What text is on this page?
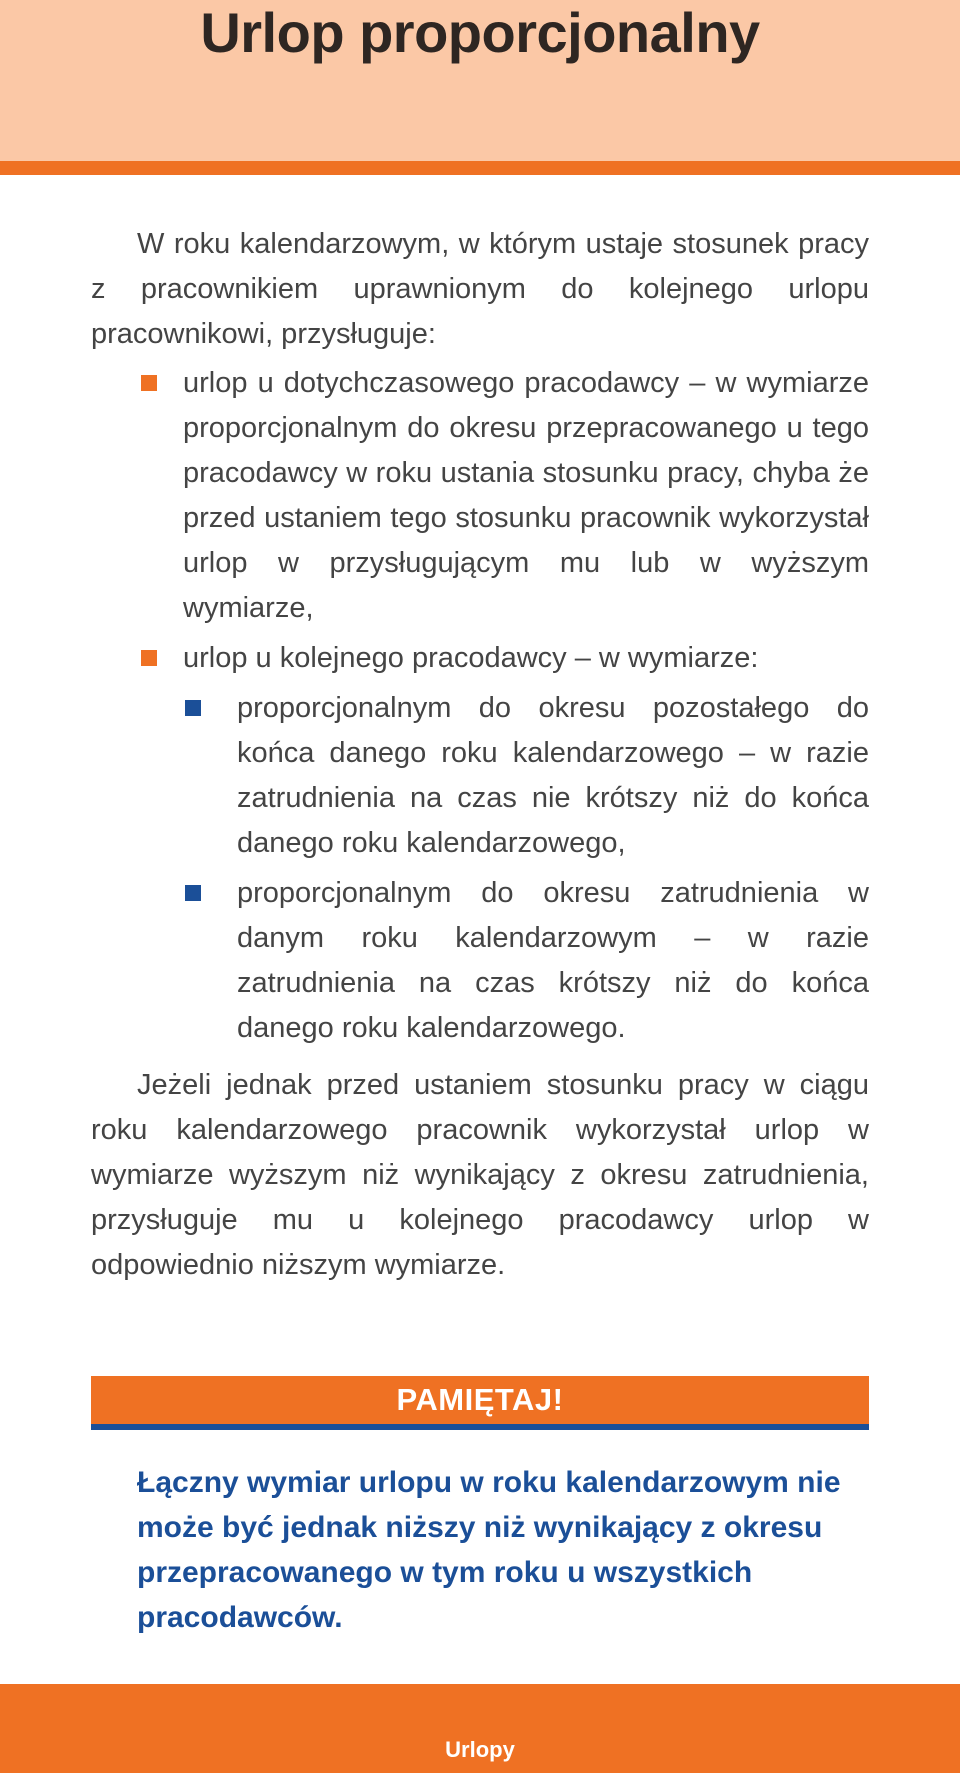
Urlop proporcjonalny

W roku kalendarzowym, w którym ustaje stosunek pracy z pracownikiem uprawnionym do kolejnego urlopu pracownikowi, przysługuje:

urlop u dotychczasowego pracodawcy – w wymiarze proporcjonalnym do okresu przepracowanego u tego pracodawcy w roku ustania stosunku pracy, chyba że przed ustaniem tego stosunku pracownik wykorzystał urlop w przysługującym mu lub w wyższym wymiarze,
urlop u kolejnego pracodawcy – w wymiarze:
proporcjonalnym do okresu pozostałego do końca danego roku kalendarzowego – w razie zatrudnienia na czas nie krótszy niż do końca danego roku kalendarzowego,
proporcjonalnym do okresu zatrudnienia w danym roku kalendarzowym – w razie zatrudnienia na czas krótszy niż do końca danego roku kalendarzowego.

Jeżeli jednak przed ustaniem stosunku pracy w ciągu roku kalendarzowego pracownik wykorzystał urlop w wymiarze wyższym niż wynikający z okresu zatrudnienia, przysługuje mu u kolejnego pracodawcy urlop w odpowiednio niższym wymiarze.

PAMIĘTAJ!

Łączny wymiar urlopu w roku kalendarzowym nie może być jednak niższy niż wynikający z okresu przepracowanego w tym roku u wszystkich pracodawców.

Urlopy
